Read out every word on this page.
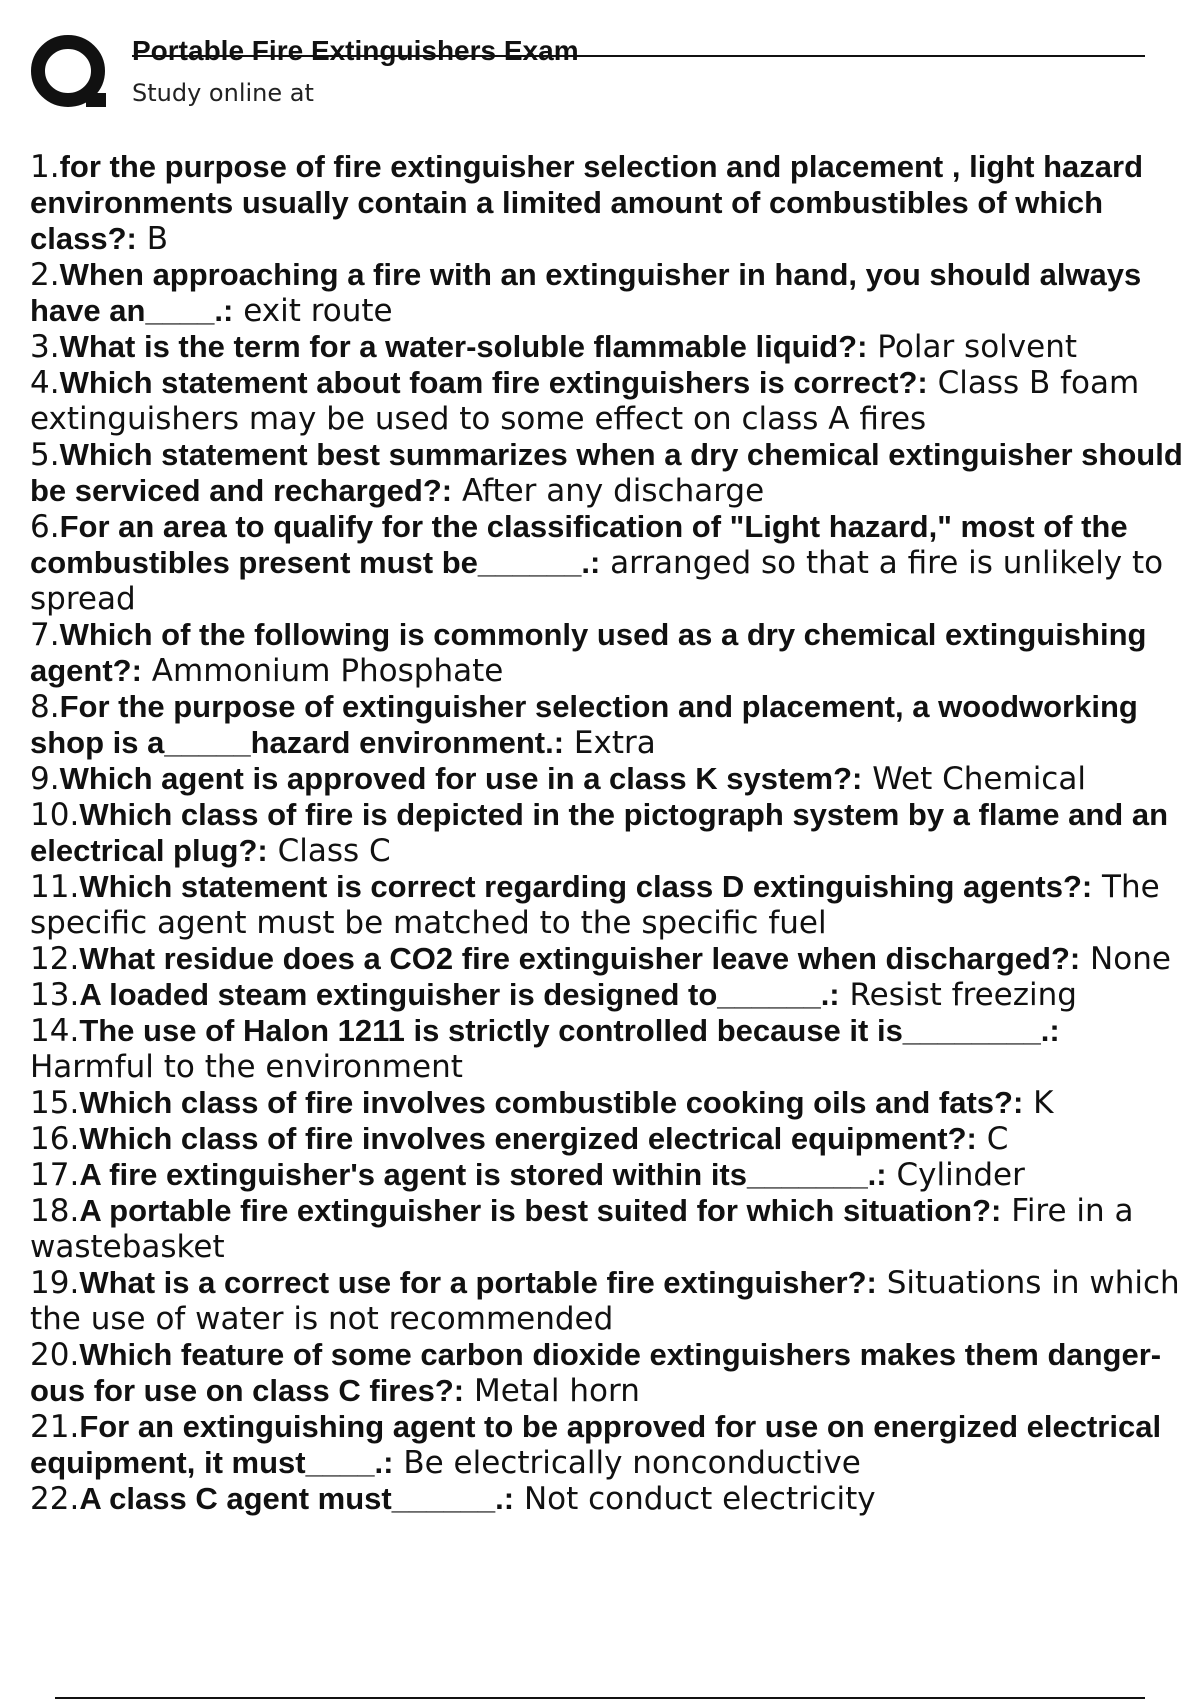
Portable Fire Extinguishers Exam
Study online at
1.for the purpose of fire extinguisher selection and placement , light hazard environments usually contain a limited amount of combustibles of which class?: B
2.When approaching a fire with an extinguisher in hand, you should always have an____.: exit route
3.What is the term for a water-soluble flammable liquid?: Polar solvent
4.Which statement about foam fire extinguishers is correct?: Class B foam extinguishers may be used to some effect on class A fires
5.Which statement best summarizes when a dry chemical extinguisher should be serviced and recharged?: After any discharge
6.For an area to qualify for the classification of "Light hazard," most of the combustibles present must be______.: arranged so that a fire is unlikely to spread
7.Which of the following is commonly used as a dry chemical extinguishing agent?: Ammonium Phosphate
8.For the purpose of extinguisher selection and placement, a woodworking shop is a_____hazard environment.: Extra
9.Which agent is approved for use in a class K system?: Wet Chemical
10.Which class of fire is depicted in the pictograph system by a flame and an electrical plug?: Class C
11.Which statement is correct regarding class D extinguishing agents?: The specific agent must be matched to the specific fuel
12.What residue does a CO2 fire extinguisher leave when discharged?: None
13.A loaded steam extinguisher is designed to______.: Resist freezing
14.The use of Halon 1211 is strictly controlled because it is________.: Harmful to the environment
15.Which class of fire involves combustible cooking oils and fats?: K
16.Which class of fire involves energized electrical equipment?: C
17.A fire extinguisher's agent is stored within its_______.: Cylinder
18.A portable fire extinguisher is best suited for which situation?: Fire in a wastebasket
19.What is a correct use for a portable fire extinguisher?: Situations in which the use of water is not recommended
20.Which feature of some carbon dioxide extinguishers makes them danger- ous for use on class C fires?: Metal horn
21.For an extinguishing agent to be approved for use on energized electrical equipment, it must____.: Be electrically nonconductive
22.A class C agent must______.: Not conduct electricity
